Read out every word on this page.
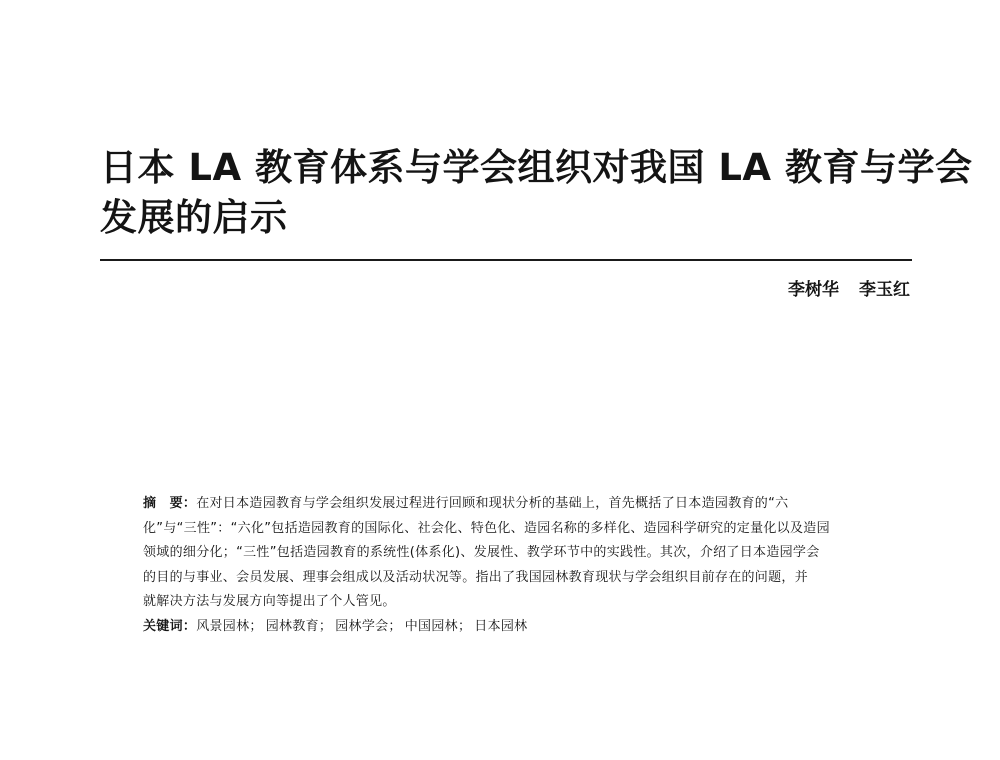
日本 LA 教育体系与学会组织对我国 LA 教育与学会
发展的启示
李树华 李玉红

摘　要：在对日本造园教育与学会组织发展过程进行回顾和现状分析的基础上，首先概括了日本造园教育的“六
化”与“三性”：“六化”包括造园教育的国际化、社会化、特色化、造园名称的多样化、造园科学研究的定量化以及造园
领域的细分化；“三性”包括造园教育的系统性(体系化)、发展性、教学环节中的实践性。其次，介绍了日本造园学会
的目的与事业、会员发展、理事会组成以及活动状况等。指出了我国园林教育现状与学会组织目前存在的问题，并
就解决方法与发展方向等提出了个人管见。

关键词：风景园林； 园林教育； 园林学会； 中国园林； 日本园林
